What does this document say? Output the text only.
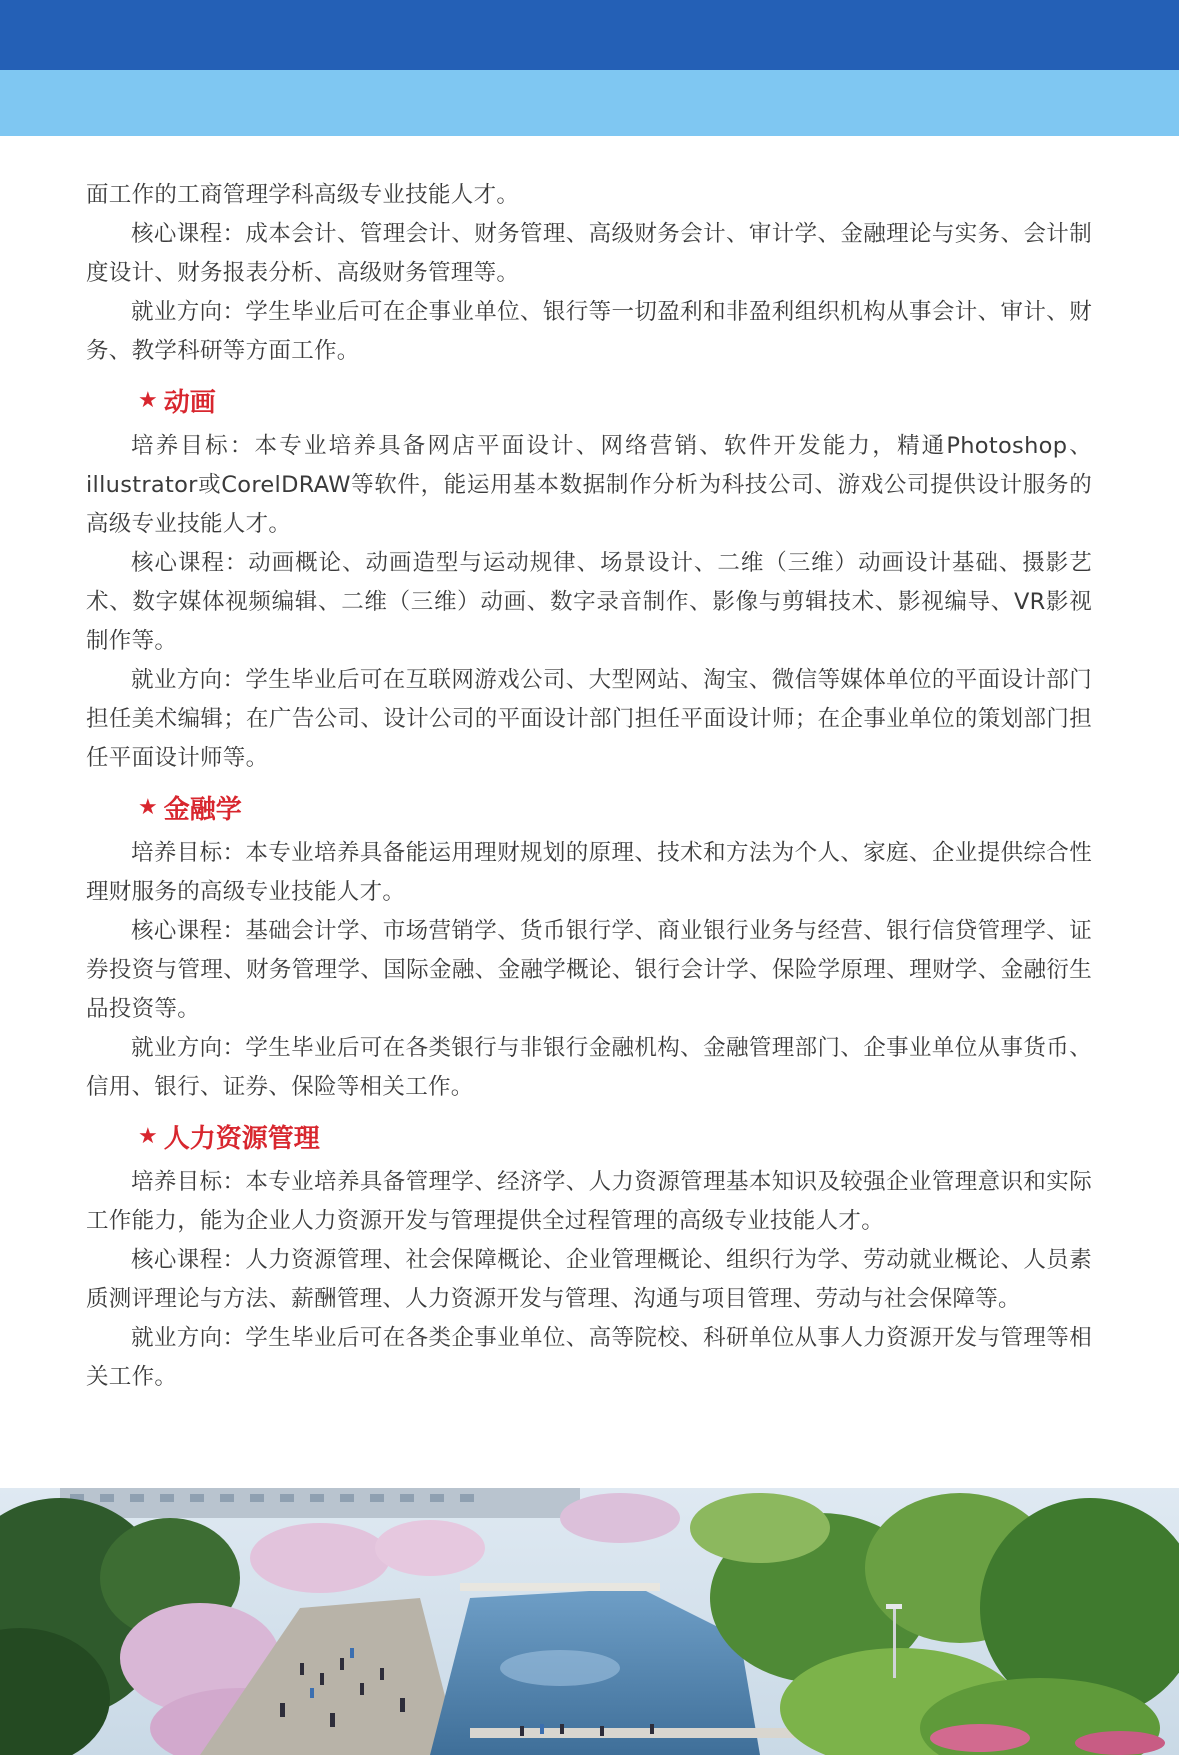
面工作的工商管理学科高级专业技能人才。

核心课程：成本会计、管理会计、财务管理、高级财务会计、审计学、金融理论与实务、会计制度设计、财务报表分析、高级财务管理等。

就业方向：学生毕业后可在企事业单位、银行等一切盈利和非盈利组织机构从事会计、审计、财务、教学科研等方面工作。

★ 动画

培养目标：本专业培养具备网店平面设计、网络营销、软件开发能力，精通Photoshop、illustrator或CorelDRAW等软件，能运用基本数据制作分析为科技公司、游戏公司提供设计服务的高级专业技能人才。

核心课程：动画概论、动画造型与运动规律、场景设计、二维（三维）动画设计基础、摄影艺术、数字媒体视频编辑、二维（三维）动画、数字录音制作、影像与剪辑技术、影视编导、VR影视制作等。

就业方向：学生毕业后可在互联网游戏公司、大型网站、淘宝、微信等媒体单位的平面设计部门担任美术编辑；在广告公司、设计公司的平面设计部门担任平面设计师；在企事业单位的策划部门担任平面设计师等。

★ 金融学

培养目标：本专业培养具备能运用理财规划的原理、技术和方法为个人、家庭、企业提供综合性理财服务的高级专业技能人才。

核心课程：基础会计学、市场营销学、货币银行学、商业银行业务与经营、银行信贷管理学、证券投资与管理、财务管理学、国际金融、金融学概论、银行会计学、保险学原理、理财学、金融衍生品投资等。

就业方向：学生毕业后可在各类银行与非银行金融机构、金融管理部门、企事业单位从事货币、信用、银行、证券、保险等相关工作。

★ 人力资源管理

培养目标：本专业培养具备管理学、经济学、人力资源管理基本知识及较强企业管理意识和实际工作能力，能为企业人力资源开发与管理提供全过程管理的高级专业技能人才。

核心课程：人力资源管理、社会保障概论、企业管理概论、组织行为学、劳动就业概论、人员素质测评理论与方法、薪酬管理、人力资源开发与管理、沟通与项目管理、劳动与社会保障等。

就业方向：学生毕业后可在各类企事业单位、高等院校、科研单位从事人力资源开发与管理等相关工作。
